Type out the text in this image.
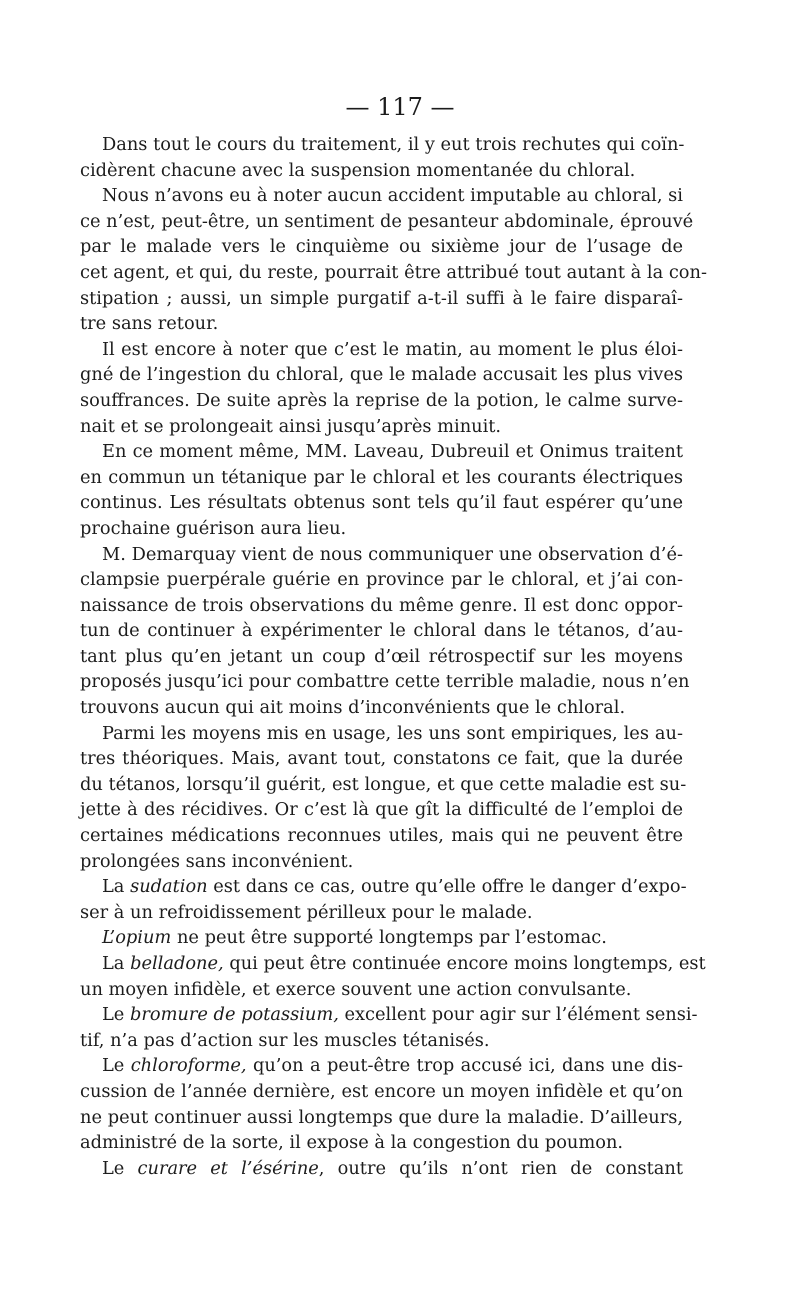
— 117 —

Dans tout le cours du traitement, il y eut trois rechutes qui coïn-
cidèrent chacune avec la suspension momentanée du chloral.
Nous n’avons eu à noter aucun accident imputable au chloral, si
ce n’est, peut-être, un sentiment de pesanteur abdominale, éprouvé
par le malade vers le cinquième ou sixième jour de l’usage de
cet agent, et qui, du reste, pourrait être attribué tout autant à la con-
stipation ; aussi, un simple purgatif a-t-il suffi à le faire disparaî-
tre sans retour.
Il est encore à noter que c’est le matin, au moment le plus éloi-
gné de l’ingestion du chloral, que le malade accusait les plus vives
souffrances. De suite après la reprise de la potion, le calme surve-
nait et se prolongeait ainsi jusqu’après minuit.
En ce moment même, MM. Laveau, Dubreuil et Onimus traitent
en commun un tétanique par le chloral et les courants électriques
continus. Les résultats obtenus sont tels qu’il faut espérer qu’une
prochaine guérison aura lieu.
M. Demarquay vient de nous communiquer une observation d’é-
clampsie puerpérale guérie en province par le chloral, et j’ai con-
naissance de trois observations du même genre. Il est donc oppor-
tun de continuer à expérimenter le chloral dans le tétanos, d’au-
tant plus qu’en jetant un coup d’œil rétrospectif sur les moyens
proposés jusqu’ici pour combattre cette terrible maladie, nous n’en
trouvons aucun qui ait moins d’inconvénients que le chloral.
Parmi les moyens mis en usage, les uns sont empiriques, les au-
tres théoriques. Mais, avant tout, constatons ce fait, que la durée
du tétanos, lorsqu’il guérit, est longue, et que cette maladie est su-
jette à des récidives. Or c’est là que gît la difficulté de l’emploi de
certaines médications reconnues utiles, mais qui ne peuvent être
prolongées sans inconvénient.
La sudation est dans ce cas, outre qu’elle offre le danger d’expo-
ser à un refroidissement périlleux pour le malade.
L’opium ne peut être supporté longtemps par l’estomac.
La belladone, qui peut être continuée encore moins longtemps, est
un moyen infidèle, et exerce souvent une action convulsante.
Le bromure de potassium, excellent pour agir sur l’élément sensi-
tif, n’a pas d’action sur les muscles tétanisés.
Le chloroforme, qu’on a peut-être trop accusé ici, dans une dis-
cussion de l’année dernière, est encore un moyen infidèle et qu’on
ne peut continuer aussi longtemps que dure la maladie. D’ailleurs,
administré de la sorte, il expose à la congestion du poumon.
Le curare et l’ésérine, outre qu’ils n’ont rien de constant
